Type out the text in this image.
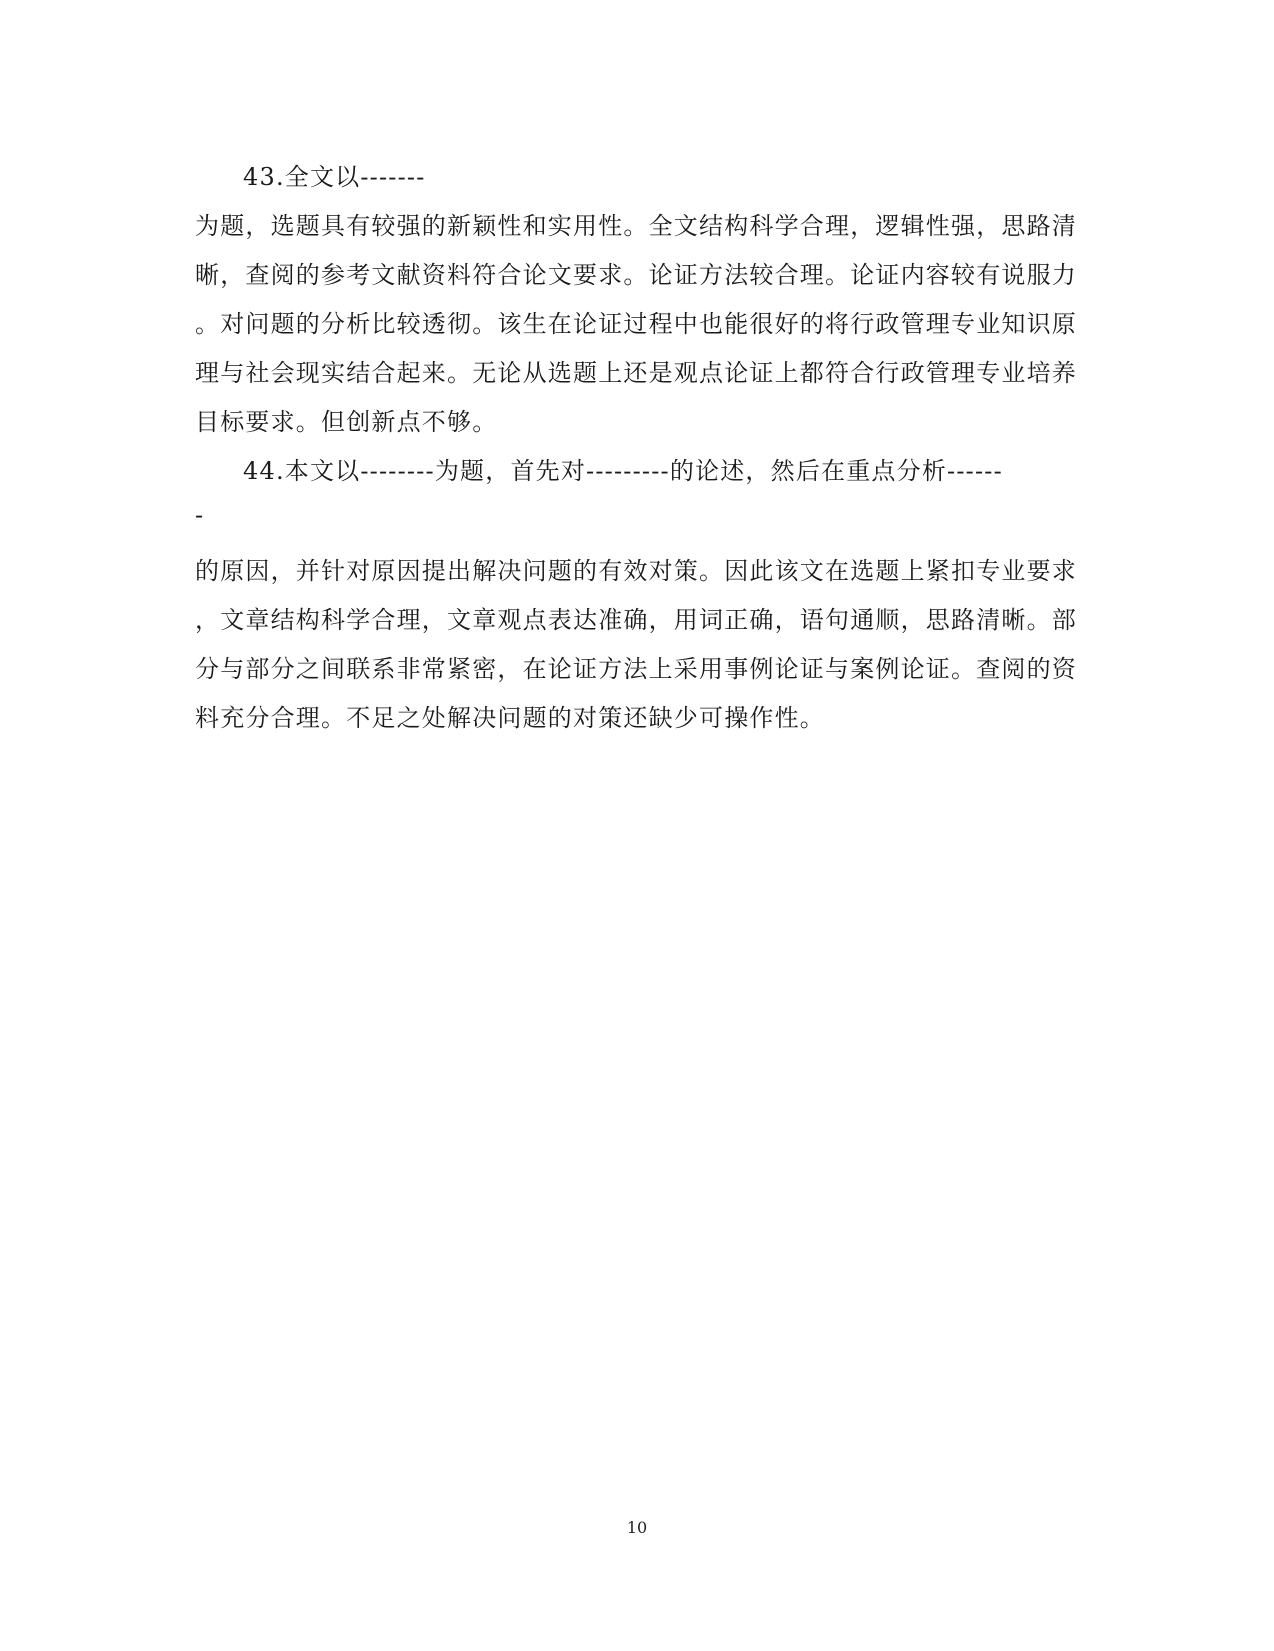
43.全文以-------
为题，选题具有较强的新颖性和实用性。全文结构科学合理，逻辑性强，思路清
晰，查阅的参考文献资料符合论文要求。论证方法较合理。论证内容较有说服力
。对问题的分析比较透彻。该生在论证过程中也能很好的将行政管理专业知识原
理与社会现实结合起来。无论从选题上还是观点论证上都符合行政管理专业培养
目标要求。但创新点不够。
44.本文以--------为题，首先对---------的论述，然后在重点分析------
-
的原因，并针对原因提出解决问题的有效对策。因此该文在选题上紧扣专业要求
，文章结构科学合理，文章观点表达准确，用词正确，语句通顺，思路清晰。部
分与部分之间联系非常紧密，在论证方法上采用事例论证与案例论证。查阅的资
料充分合理。不足之处解决问题的对策还缺少可操作性。
10
